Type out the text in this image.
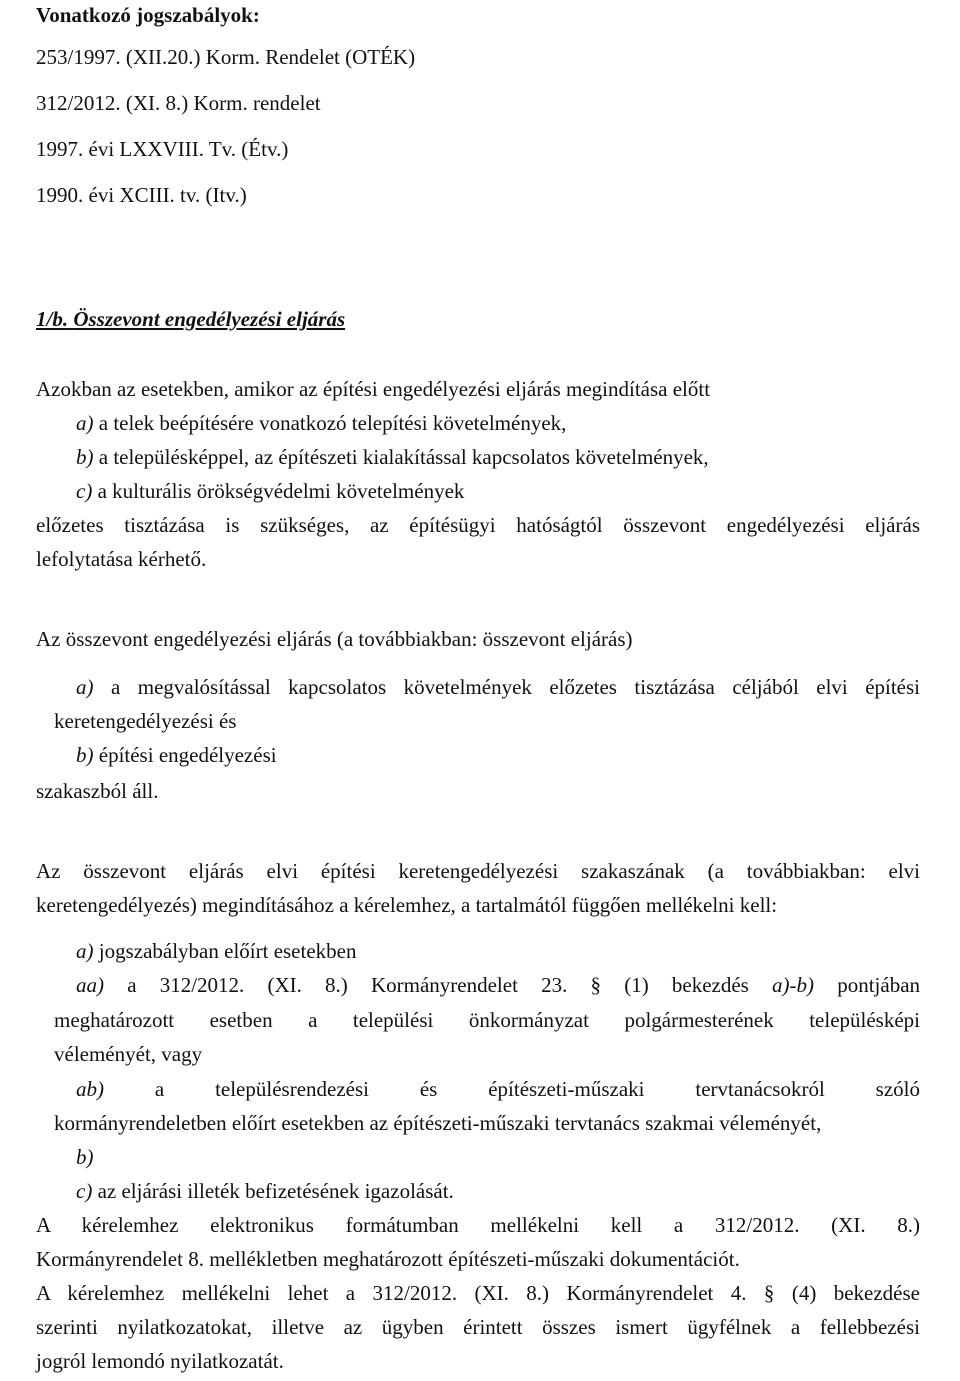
Vonatkozó jogszabályok:
253/1997. (XII.20.) Korm. Rendelet (OTÉK)
312/2012. (XI. 8.) Korm. rendelet
1997. évi LXXVIII. Tv. (Étv.)
1990. évi XCIII. tv. (Itv.)
1/b. Összevont engedélyezési eljárás
Azokban az esetekben, amikor az építési engedélyezési eljárás megindítása előtt
a) a telek beépítésére vonatkozó telepítési követelmények,
b) a településképpel, az építészeti kialakítással kapcsolatos követelmények,
c) a kulturális örökségvédelmi követelmények
előzetes tisztázása is szükséges, az építésügyi hatóságtól összevont engedélyezési eljárás
lefolytatása kérhető.
Az összevont engedélyezési eljárás (a továbbiakban: összevont eljárás)
a) a megvalósítással kapcsolatos követelmények előzetes tisztázása céljából elvi építési
keretengedélyezési és
b) építési engedélyezési
szakaszból áll.
Az összevont eljárás elvi építési keretengedélyezési szakaszának (a továbbiakban: elvi
keretengedélyezés) megindításához a kérelemhez, a tartalmától függően mellékelni kell:
a) jogszabályban előírt esetekben
aa) a 312/2012. (XI. 8.) Kormányrendelet 23. § (1) bekezdés a)-b) pontjában
meghatározott esetben a települési önkormányzat polgármesterének településképi
véleményét, vagy
ab) a településrendezési és építészeti-műszaki tervtanácsokról szóló
kormányrendeletben előírt esetekben az építészeti-műszaki tervtanács szakmai véleményét,
b)
c) az eljárási illeték befizetésének igazolását.
A kérelemhez elektronikus formátumban mellékelni kell a 312/2012. (XI. 8.)
Kormányrendelet 8. mellékletben meghatározott építészeti-műszaki dokumentációt.
A kérelemhez mellékelni lehet a 312/2012. (XI. 8.) Kormányrendelet 4. § (4) bekezdése
szerinti nyilatkozatokat, illetve az ügyben érintett összes ismert ügyfélnek a fellebbezési
jogról lemondó nyilatkozatát.
